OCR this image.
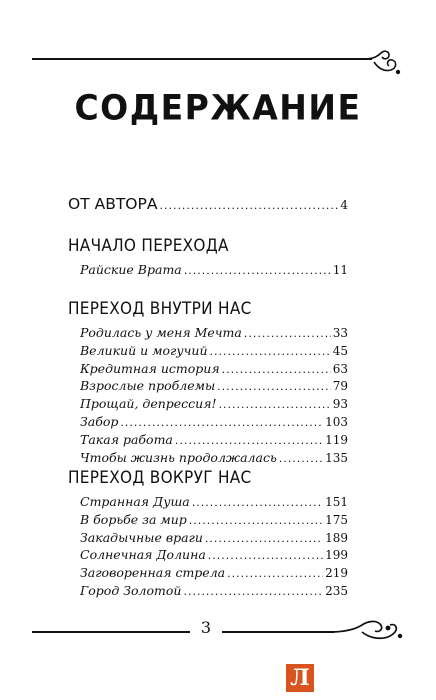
СОДЕРЖАНИЕ
ОТ АВТОРА .....	4
НАЧАЛО ПЕРЕХОДА
Райские Врата .....	11
ПЕРЕХОД ВНУТРИ НАС
Родилась у меня Мечта .....	33
Великий и могучий .....	45
Кредитная история .....	63
Взрослые проблемы .....	79
Прощай, депрессия! .....	93
Забор .....	103
Такая работа .....	119
Чтобы жизнь продолжалась .....	135
ПЕРЕХОД ВОКРУГ НАС
Странная Душа .....	151
В борьбе за мир .....	175
Закадычные враги .....	189
Солнечная Долина .....	199
Заговоренная стрела .....	219
Город Золотой .....	235
3
Л
